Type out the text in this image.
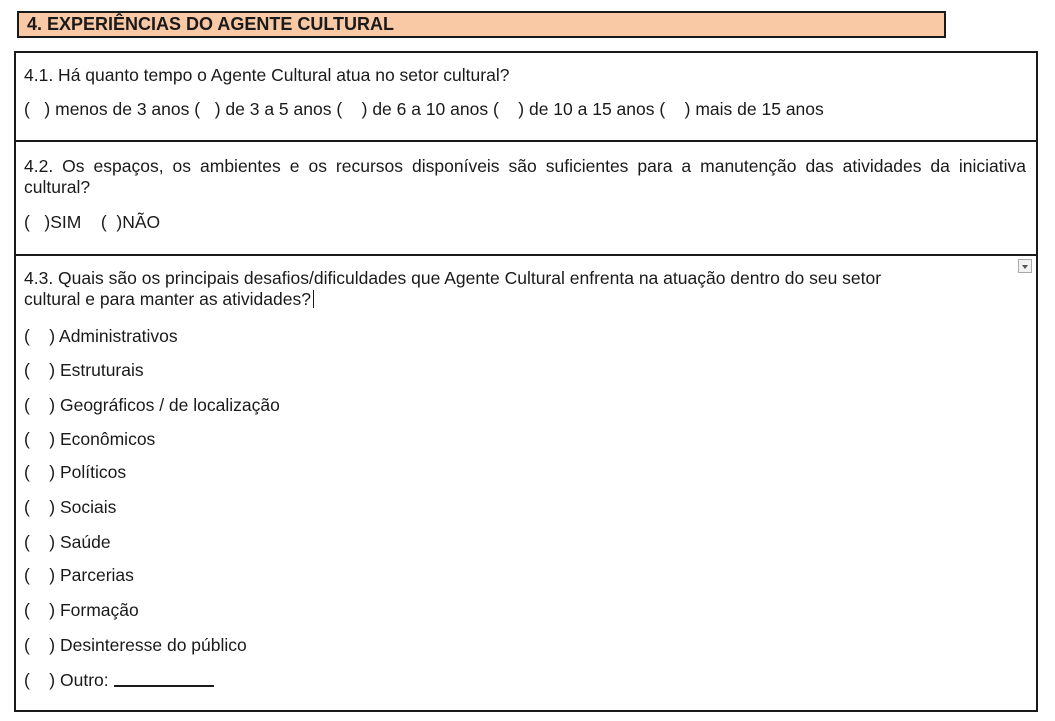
4. EXPERIÊNCIAS DO AGENTE CULTURAL
4.1. Há quanto tempo o Agente Cultural atua no setor cultural?
( ) menos de 3 anos ( ) de 3 a 5 anos ( ) de 6 a 10 anos ( ) de 10 a 15 anos ( ) mais de 15 anos
4.2. Os espaços, os ambientes e os recursos disponíveis são suficientes para a manutenção das atividades da iniciativa cultural?
( )SIM ( )NÃO
4.3. Quais são os principais desafios/dificuldades que Agente Cultural enfrenta na atuação dentro do seu setor
cultural e para manter as atividades?
( ) Administrativos
( ) Estruturais
( ) Geográficos / de localização
( ) Econômicos
( ) Políticos
( ) Sociais
( ) Saúde
( ) Parcerias
( ) Formação
( ) Desinteresse do público
( ) Outro:
